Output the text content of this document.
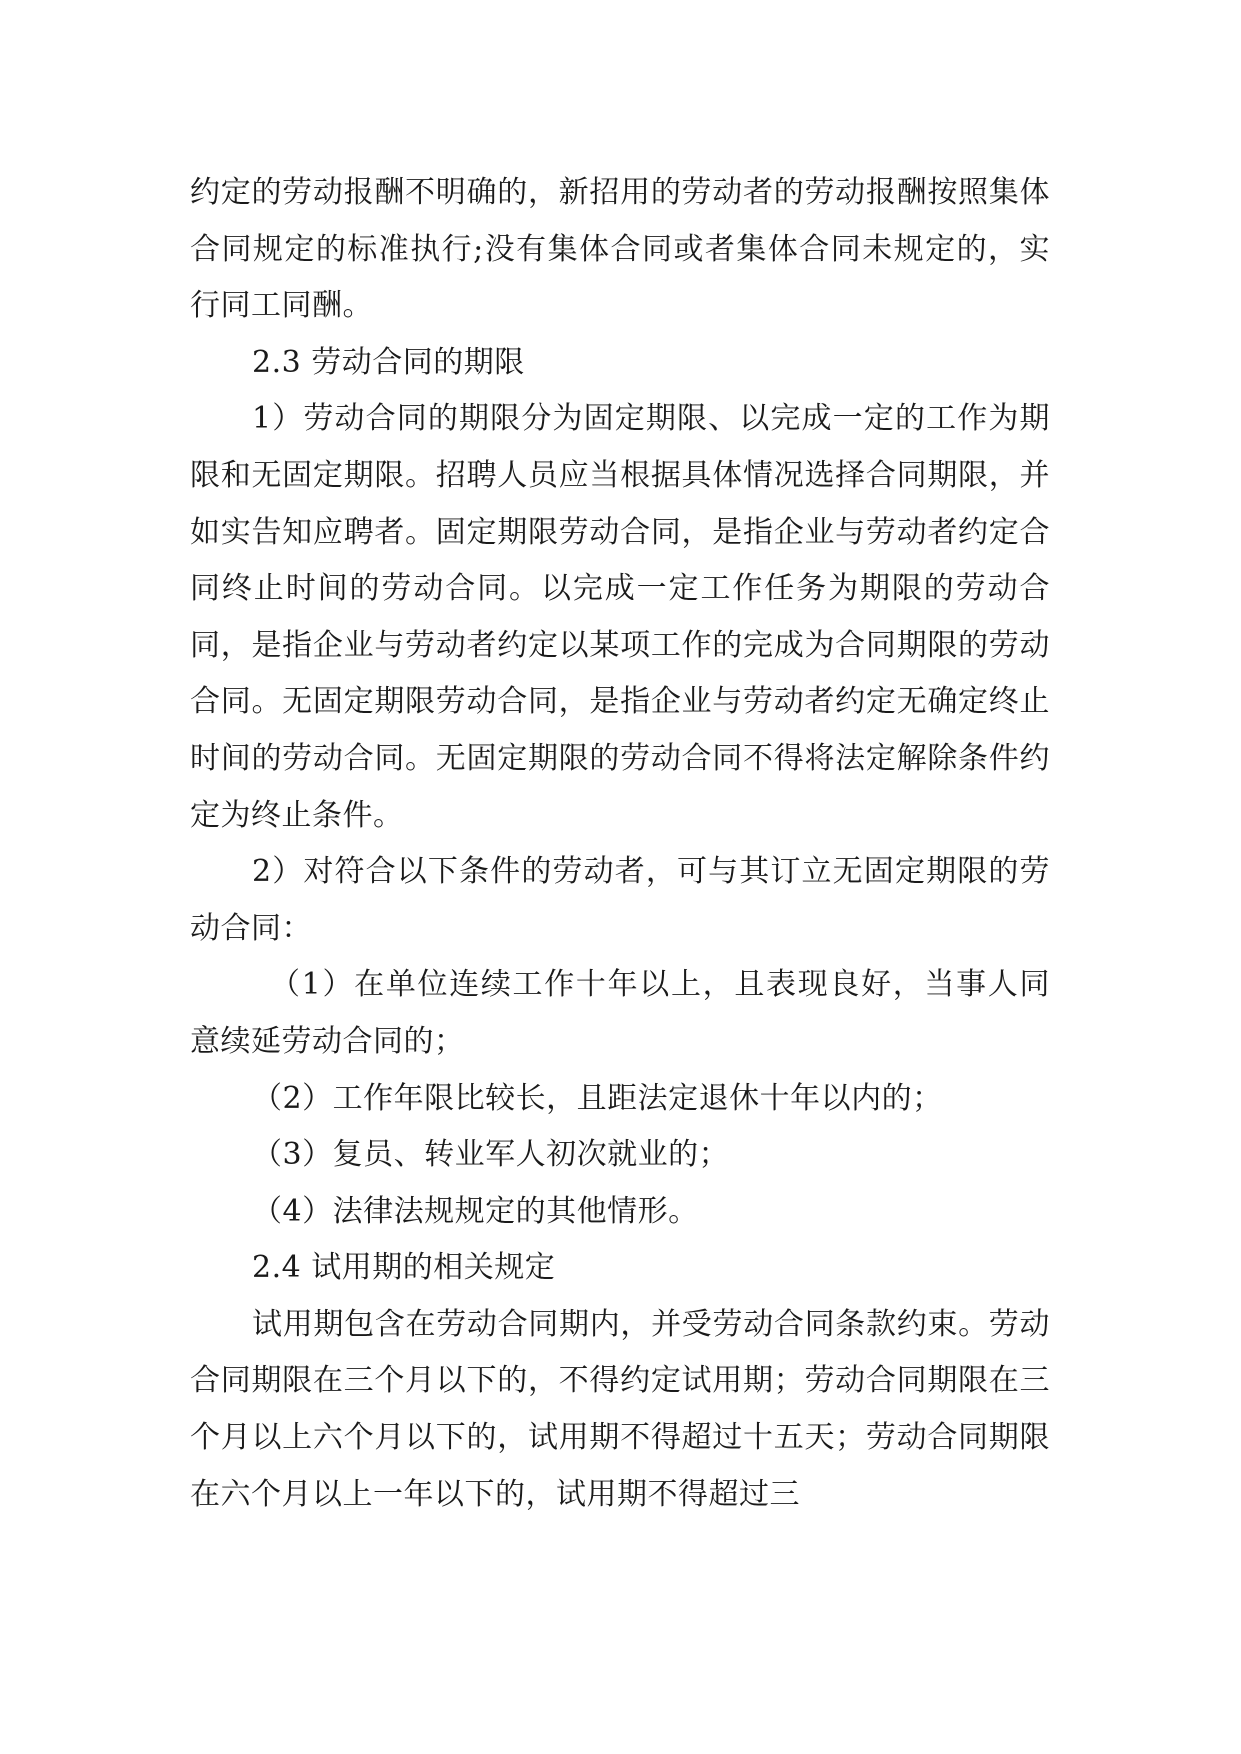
约定的劳动报酬不明确的，新招用的劳动者的劳动报酬按照集体合同规定的标准执行;没有集体合同或者集体合同未规定的，实行同工同酬。

2.3 劳动合同的期限

1）劳动合同的期限分为固定期限、以完成一定的工作为期限和无固定期限。招聘人员应当根据具体情况选择合同期限，并如实告知应聘者。固定期限劳动合同，是指企业与劳动者约定合同终止时间的劳动合同。以完成一定工作任务为期限的劳动合同，是指企业与劳动者约定以某项工作的完成为合同期限的劳动合同。无固定期限劳动合同，是指企业与劳动者约定无确定终止时间的劳动合同。无固定期限的劳动合同不得将法定解除条件约定为终止条件。

2）对符合以下条件的劳动者，可与其订立无固定期限的劳动合同：

（1）在单位连续工作十年以上，且表现良好，当事人同意续延劳动合同的；

（2）工作年限比较长，且距法定退休十年以内的；

（3）复员、转业军人初次就业的；

（4）法律法规规定的其他情形。

2.4 试用期的相关规定

试用期包含在劳动合同期内，并受劳动合同条款约束。劳动合同期限在三个月以下的，不得约定试用期；劳动合同期限在三个月以上六个月以下的，试用期不得超过十五天；劳动合同期限在六个月以上一年以下的，试用期不得超过三
